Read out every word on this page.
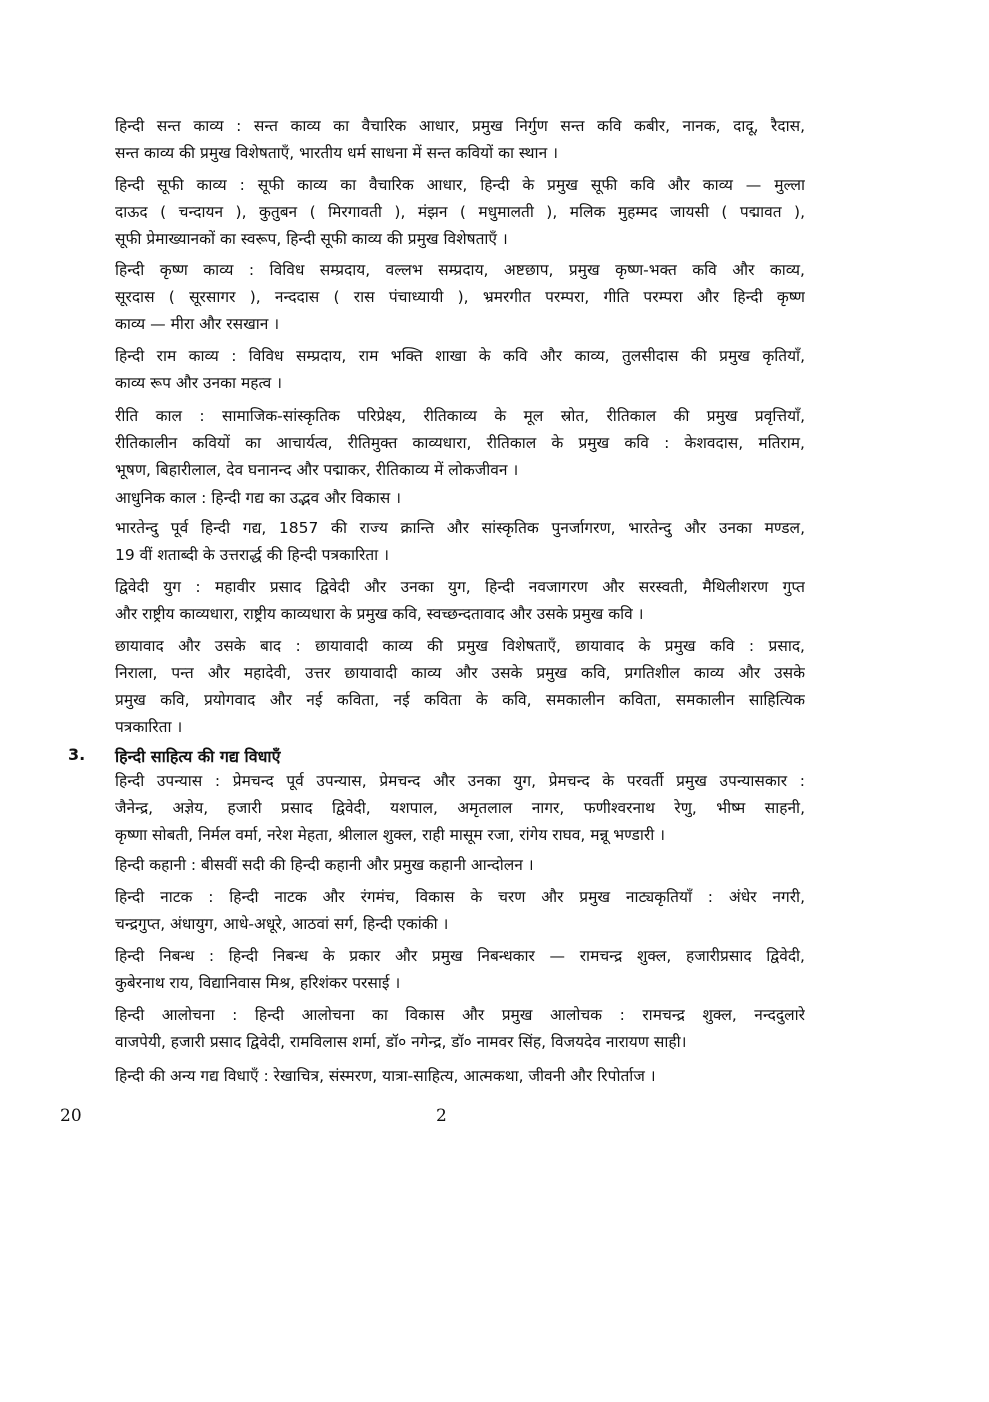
हिन्दी सन्त काव्य : सन्त काव्य का वैचारिक आधार, प्रमुख निर्गुण सन्त कवि कबीर, नानक, दादू, रैदास,
सन्त काव्य की प्रमुख विशेषताएँ, भारतीय धर्म साधना में सन्त कवियों का स्थान ।
हिन्दी सूफी काव्य : सूफी काव्य का वैचारिक आधार, हिन्दी के प्रमुख सूफी कवि और काव्य — मुल्ला
दाऊद ( चन्दायन ), कुतुबन ( मिरगावती ), मंझन ( मधुमालती ), मलिक मुहम्मद जायसी ( पद्मावत ),
सूफी प्रेमाख्यानकों का स्वरूप, हिन्दी सूफी काव्य की प्रमुख विशेषताएँ ।
हिन्दी कृष्ण काव्य : विविध सम्प्रदाय, वल्लभ सम्प्रदाय, अष्टछाप, प्रमुख कृष्ण-भक्त कवि और काव्य,
सूरदास ( सूरसागर ), नन्ददास ( रास पंचाध्यायी ), भ्रमरगीत परम्परा, गीति परम्परा और हिन्दी कृष्ण
काव्य — मीरा और रसखान ।
हिन्दी राम काव्य : विविध सम्प्रदाय, राम भक्ति शाखा के कवि और काव्य, तुलसीदास की प्रमुख कृतियाँ,
काव्य रूप और उनका महत्व ।
रीति काल : सामाजिक-सांस्कृतिक परिप्रेक्ष्य, रीतिकाव्य के मूल स्रोत, रीतिकाल की प्रमुख प्रवृत्तियाँ,
रीतिकालीन कवियों का आचार्यत्व, रीतिमुक्त काव्यधारा, रीतिकाल के प्रमुख कवि : केशवदास, मतिराम,
भूषण, बिहारीलाल, देव घनानन्द और पद्माकर, रीतिकाव्य में लोकजीवन ।
आधुनिक काल : हिन्दी गद्य का उद्भव और विकास ।
भारतेन्दु पूर्व हिन्दी गद्य, 1857 की राज्य क्रान्ति और सांस्कृतिक पुनर्जागरण, भारतेन्दु और उनका मण्डल,
19 वीं शताब्दी के उत्तरार्द्ध की हिन्दी पत्रकारिता ।
द्विवेदी युग : महावीर प्रसाद द्विवेदी और उनका युग, हिन्दी नवजागरण और सरस्वती, मैथिलीशरण गुप्त
और राष्ट्रीय काव्यधारा, राष्ट्रीय काव्यधारा के प्रमुख कवि, स्वच्छन्दतावाद और उसके प्रमुख कवि ।
छायावाद और उसके बाद : छायावादी काव्य की प्रमुख विशेषताएँ, छायावाद के प्रमुख कवि : प्रसाद,
निराला, पन्त और महादेवी, उत्तर छायावादी काव्य और उसके प्रमुख कवि, प्रगतिशील काव्य और उसके
प्रमुख कवि, प्रयोगवाद और नई कविता, नई कविता के कवि, समकालीन कविता, समकालीन साहित्यिक
पत्रकारिता ।
3. हिन्दी साहित्य की गद्य विधाएँ
हिन्दी उपन्यास : प्रेमचन्द पूर्व उपन्यास, प्रेमचन्द और उनका युग, प्रेमचन्द के परवर्ती प्रमुख उपन्यासकार :
जैनेन्द्र, अज्ञेय, हजारी प्रसाद द्विवेदी, यशपाल, अमृतलाल नागर, फणीश्वरनाथ रेणु, भीष्म साहनी,
कृष्णा सोबती, निर्मल वर्मा, नरेश मेहता, श्रीलाल शुक्ल, राही मासूम रजा, रांगेय राघव, मन्नू भण्डारी ।
हिन्दी कहानी : बीसवीं सदी की हिन्दी कहानी और प्रमुख कहानी आन्दोलन ।
हिन्दी नाटक : हिन्दी नाटक और रंगमंच, विकास के चरण और प्रमुख नाट्यकृतियाँ : अंधेर नगरी,
चन्द्रगुप्त, अंधायुग, आधे-अधूरे, आठवां सर्ग, हिन्दी एकांकी ।
हिन्दी निबन्ध : हिन्दी निबन्ध के प्रकार और प्रमुख निबन्धकार — रामचन्द्र शुक्ल, हजारीप्रसाद द्विवेदी,
कुबेरनाथ राय, विद्यानिवास मिश्र, हरिशंकर परसाई ।
हिन्दी आलोचना : हिन्दी आलोचना का विकास और प्रमुख आलोचक : रामचन्द्र शुक्ल, नन्ददुलारे
वाजपेयी, हजारी प्रसाद द्विवेदी, रामविलास शर्मा, डॉ० नगेन्द्र, डॉ० नामवर सिंह, विजयदेव नारायण साही।
हिन्दी की अन्य गद्य विधाएँ : रेखाचित्र, संस्मरण, यात्रा-साहित्य, आत्मकथा, जीवनी और रिपोर्ताज ।
20	2
